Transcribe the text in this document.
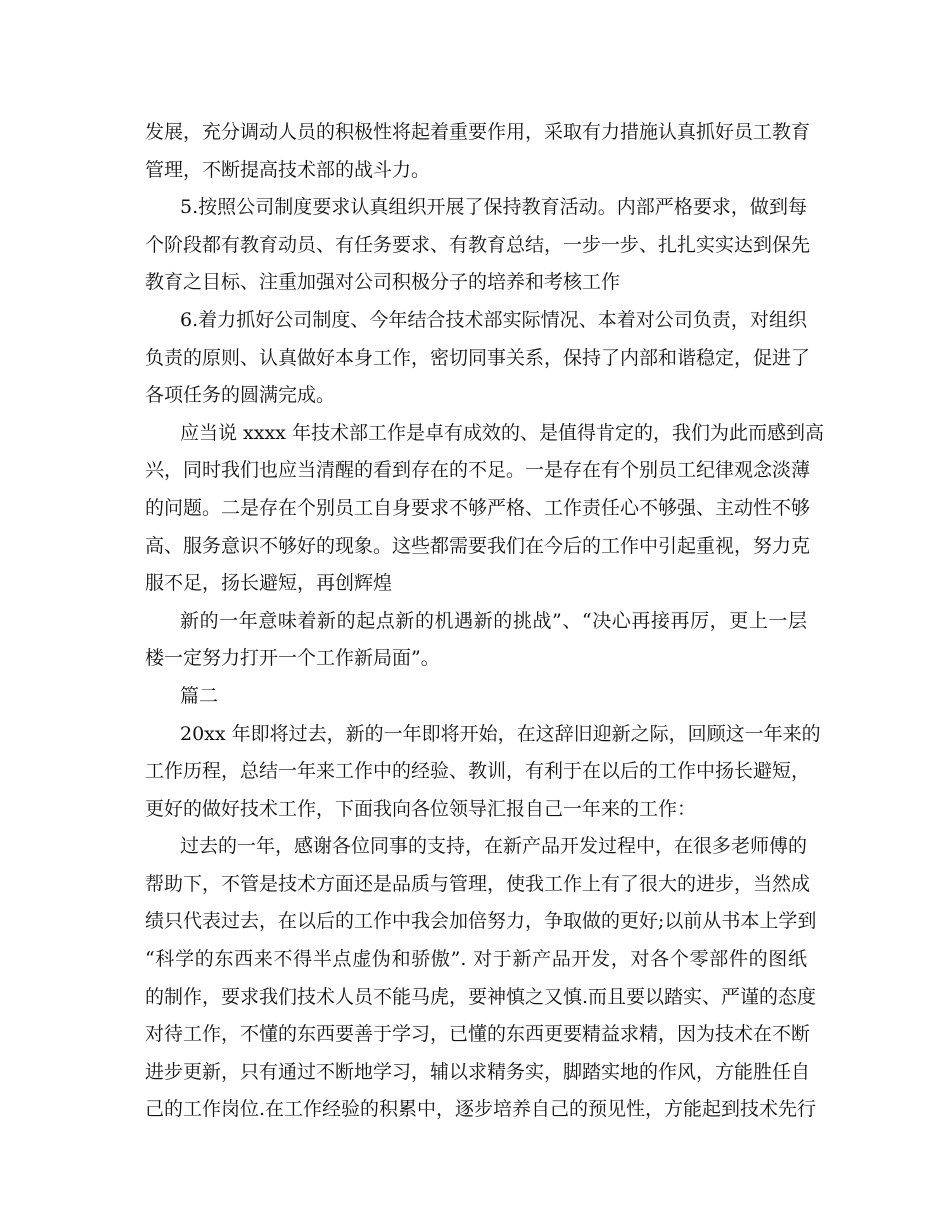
发展，充分调动人员的积极性将起着重要作用，采取有力措施认真抓好员工教育
管理，不断提高技术部的战斗力。
5.按照公司制度要求认真组织开展了保持教育活动。内部严格要求，做到每
个阶段都有教育动员、有任务要求、有教育总结，一步一步、扎扎实实达到保先
教育之目标、注重加强对公司积极分子的培养和考核工作
6.着力抓好公司制度、今年结合技术部实际情况、本着对公司负责，对组织
负责的原则、认真做好本身工作，密切同事关系，保持了内部和谐稳定，促进了
各项任务的圆满完成。
应当说 xxxx 年技术部工作是卓有成效的、是值得肯定的，我们为此而感到高
兴，同时我们也应当清醒的看到存在的不足。一是存在有个别员工纪律观念淡薄
的问题。二是存在个别员工自身要求不够严格、工作责任心不够强、主动性不够
高、服务意识不够好的现象。这些都需要我们在今后的工作中引起重视，努力克
服不足，扬长避短，再创辉煌
新的一年意味着新的起点新的机遇新的挑战”、“决心再接再厉，更上一层
楼一定努力打开一个工作新局面”。
篇二
20xx 年即将过去，新的一年即将开始，在这辞旧迎新之际，回顾这一年来的
工作历程，总结一年来工作中的经验、教训，有利于在以后的工作中扬长避短，
更好的做好技术工作，下面我向各位领导汇报自己一年来的工作：
过去的一年，感谢各位同事的支持，在新产品开发过程中，在很多老师傅的
帮助下，不管是技术方面还是品质与管理，使我工作上有了很大的进步，当然成
绩只代表过去，在以后的工作中我会加倍努力，争取做的更好;以前从书本上学到
“科学的东西来不得半点虚伪和骄傲”. 对于新产品开发，对各个零部件的图纸
的制作，要求我们技术人员不能马虎，要神慎之又慎.而且要以踏实、严谨的态度
对待工作，不懂的东西要善于学习，已懂的东西更要精益求精，因为技术在不断
进步更新，只有通过不断地学习，辅以求精务实，脚踏实地的作风，方能胜任自
己的工作岗位.在工作经验的积累中，逐步培养自己的预见性，方能起到技术先行
